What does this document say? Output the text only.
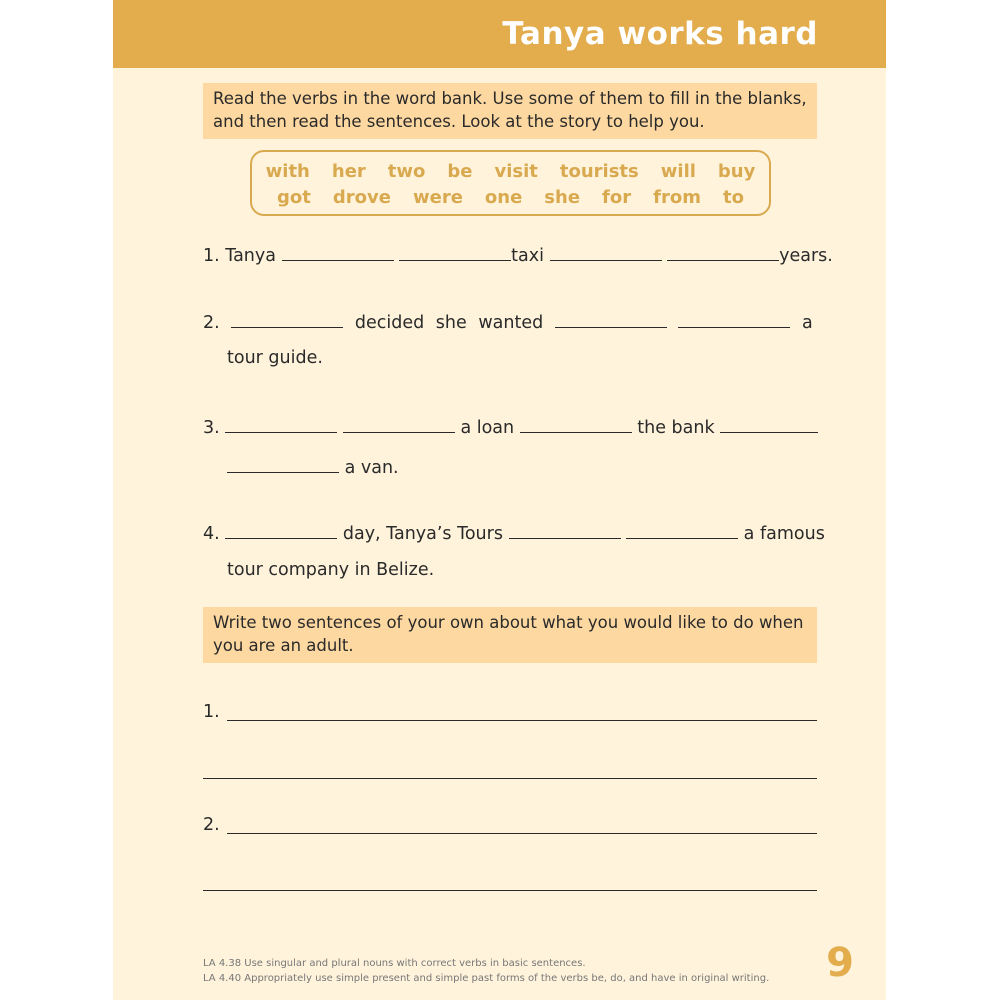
Tanya works hard
Read the verbs in the word bank. Use some of them to fill in the blanks, and then read the sentences. Look at the story to help you.
with her two be visit tourists will buy
got drove were one she for from to
1. Tanya	taxi	years.
2.	decided she wanted	a
tour guide.
3.	a loan	the bank
a van.
4.	day, Tanya’s Tours	a famous
tour company in Belize.
Write two sentences of your own about what you would like to do when you are an adult.
1.
2.
LA 4.38 Use singular and plural nouns with correct verbs in basic sentences.
LA 4.40 Appropriately use simple present and simple past forms of the verbs be, do, and have in original writing. 9
